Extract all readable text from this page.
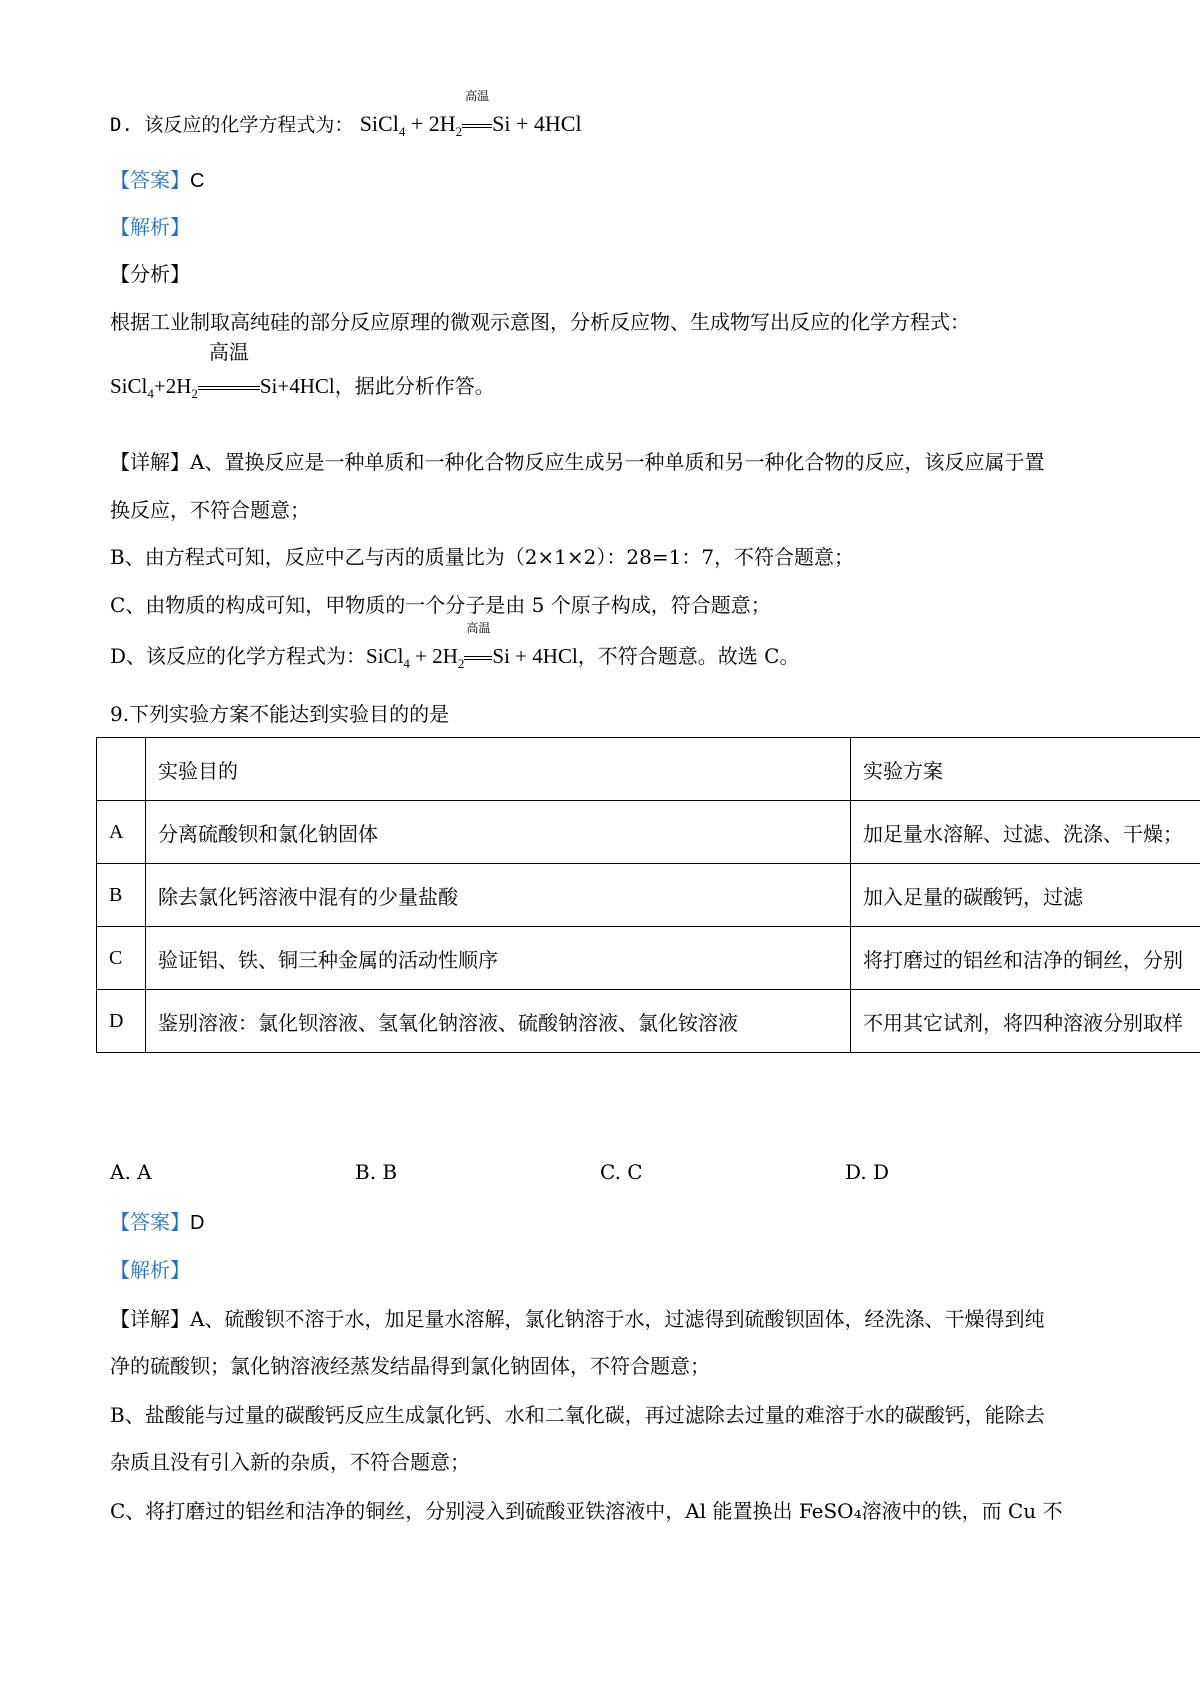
D. 该反应的化学方程式为： SiCl$_4$ + $2H_2$
高温
Si + 4HCl
【答案】C
【解析】
【分析】
根据工业制取高纯硅的部分反应原理的微观示意图，分析反应物、生成物写出反应的化学方程式：
$SiCl_4+2H_2$
高温
Si+4HCl，据此分析作答。
【详解】A、置换反应是一种单质和一种化合物反应生成另一种单质和另一种化合物的反应，该反应属于置
换反应，不符合题意；
B、由方程式可知，反应中乙与丙的质量比为（2×1×2）：28=1：7，不符合题意；
C、由物质的构成可知，甲物质的一个分子是由 5 个原子构成，符合题意；
D、该反应的化学方程式为：SiCl$_4$ + $2H_2$
高温
Si + 4HCl，不符合题意。故选 C。
9.下列实验方案不能达到实验目的的是
	实验目的	实验方案
A	分离硫酸钡和氯化钠固体	加足量水溶解、过滤、洗涤、干燥；
B	除去氯化钙溶液中混有的少量盐酸	加入足量的碳酸钙，过滤
C	验证铝、铁、铜三种金属的活动性顺序	将打磨过的铝丝和洁净的铜丝，分别
D	鉴别溶液：氯化钡溶液、氢氧化钠溶液、硫酸钠溶液、氯化铵溶液	不用其它试剂，将四种溶液分别取样
A. A	B. B	C. C	D. D
【答案】D
【解析】
【详解】A、硫酸钡不溶于水，加足量水溶解，氯化钠溶于水，过滤得到硫酸钡固体，经洗涤、干燥得到纯
净的硫酸钡；氯化钠溶液经蒸发结晶得到氯化钠固体，不符合题意；
B、盐酸能与过量的碳酸钙反应生成氯化钙、水和二氧化碳，再过滤除去过量的难溶于水的碳酸钙，能除去
杂质且没有引入新的杂质，不符合题意；
C、将打磨过的铝丝和洁净的铜丝，分别浸入到硫酸亚铁溶液中，Al 能置换出 FeSO₄溶液中的铁，而 Cu 不
